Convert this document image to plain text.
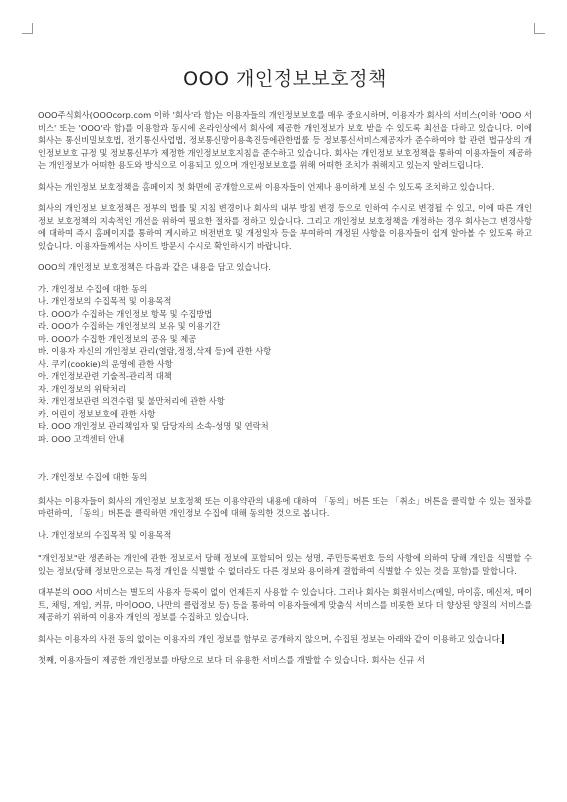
OOO 개인정보보호정책

OOO주식회사(OOOcorp.com 이하 '회사'라 함)는 이용자들의 개인정보보호를 매우 중요시하며, 이용자가 회사의 서비스(이하 'OOO 서비스' 또는 'OOO'라 함)를 이용함과 동시에 온라인상에서 회사에 제공한 개인정보가 보호 받을 수 있도록 최선을 다하고 있습니다. 이에 회사는 통신비밀보호법, 전기통신사업법, 정보통신망이용촉진등에관한법률 등 정보통신서비스제공자가 준수하여야 할 관련 법규상의 개인정보보호 규정 및 정보통신부가 제정한 개인정보보호지침을 준수하고 있습니다. 회사는 개인정보 보호정책을 통하여 이용자들이 제공하는 개인정보가 어떠한 용도와 방식으로 이용되고 있으며 개인정보보호를 위해 어떠한 조치가 취해지고 있는지 알려드립니다.

회사는 개인정보 보호정책을 홈페이지 첫 화면에 공개함으로써 이용자들이 언제나 용이하게 보실 수 있도록 조치하고 있습니다.

회사의 개인정보 보호정책은 정부의 법률 및 지침 변경이나 회사의 내부 방침 변경 등으로 인하여 수시로 변경될 수 있고, 이에 따른 개인정보 보호정책의 지속적인 개선을 위하여 필요한 절차를 정하고 있습니다. 그리고 개인정보 보호정책을 개정하는 경우 회사는그 변경사항에 대하여 즉시 홈페이지를 통하여 게시하고 버전번호 및 개정일자 등을 부여하여 개정된 사항을 이용자들이 쉽게 알아볼 수 있도록 하고 있습니다. 이용자들께서는 사이트 방문시 수시로 확인하시기 바랍니다.

OOO의 개인정보 보호정책은 다음과 같은 내용을 담고 있습니다.

가. 개인정보 수집에 대한 동의
나. 개인정보의 수집목적 및 이용목적
다. OOO가 수집하는 개인정보 항목 및 수집방법
라. OOO가 수집하는 개인정보의 보유 및 이용기간
마. OOO가 수집한 개인정보의 공유 및 제공
바. 이용자 자신의 개인정보 관리(열람,정정,삭제 등)에 관한 사항
사. 쿠키(cookie)의 운영에 관한 사항
아. 개인정보관련 기술적-관리적 대책
자. 개인정보의 위탁처리
차. 개인정보관련 의견수렴 및 불만처리에 관한 사항
카. 어린이 정보보호에 관한 사항
타. OOO 개인정보 관리책임자 및 담당자의 소속-성명 및 연락처
파. OOO 고객센터 안내
가. 개인정보 수집에 대한 동의

회사는 이용자들이 회사의 개인정보 보호정책 또는 이용약관의 내용에 대하여 「동의」버튼 또는 「취소」버튼을 클릭할 수 있는 절차를 마련하여, 「동의」버튼을 클릭하면 개인정보 수집에 대해 동의한 것으로 봅니다.

나. 개인정보의 수집목적 및 이용목적

"개인정보"란 생존하는 개인에 관한 정보로서 당해 정보에 포함되어 있는 성명, 주민등록번호 등의 사항에 의하여 당해 개인을 식별할 수 있는 정보(당해 정보만으로는 특정 개인을 식별할 수 없더라도 다른 정보와 용이하게 결합하여 식별할 수 있는 것을 포함)를 말합니다.

대부분의 OOO 서비스는 별도의 사용자 등록이 없이 언제든지 사용할 수 있습니다. 그러나 회사는 회원서비스(메일, 마이홈, 메신저, 메이트, 채팅, 게임, 커뮤, 마이OOO, 나만의 클럽정보 등) 등을 통하여 이용자들에게 맞춤식 서비스를 비롯한 보다 더 향상된 양질의 서비스를 제공하기 위하여 이용자 개인의 정보를 수집하고 있습니다.

회사는 이용자의 사전 동의 없이는 이용자의 개인 정보를 함부로 공개하지 않으며, 수집된 정보는 아래와 같이 이용하고 있습니다.

첫째, 이용자들이 제공한 개인정보를 바탕으로 보다 더 유용한 서비스를 개발할 수 있습니다. 회사는 신규 서
